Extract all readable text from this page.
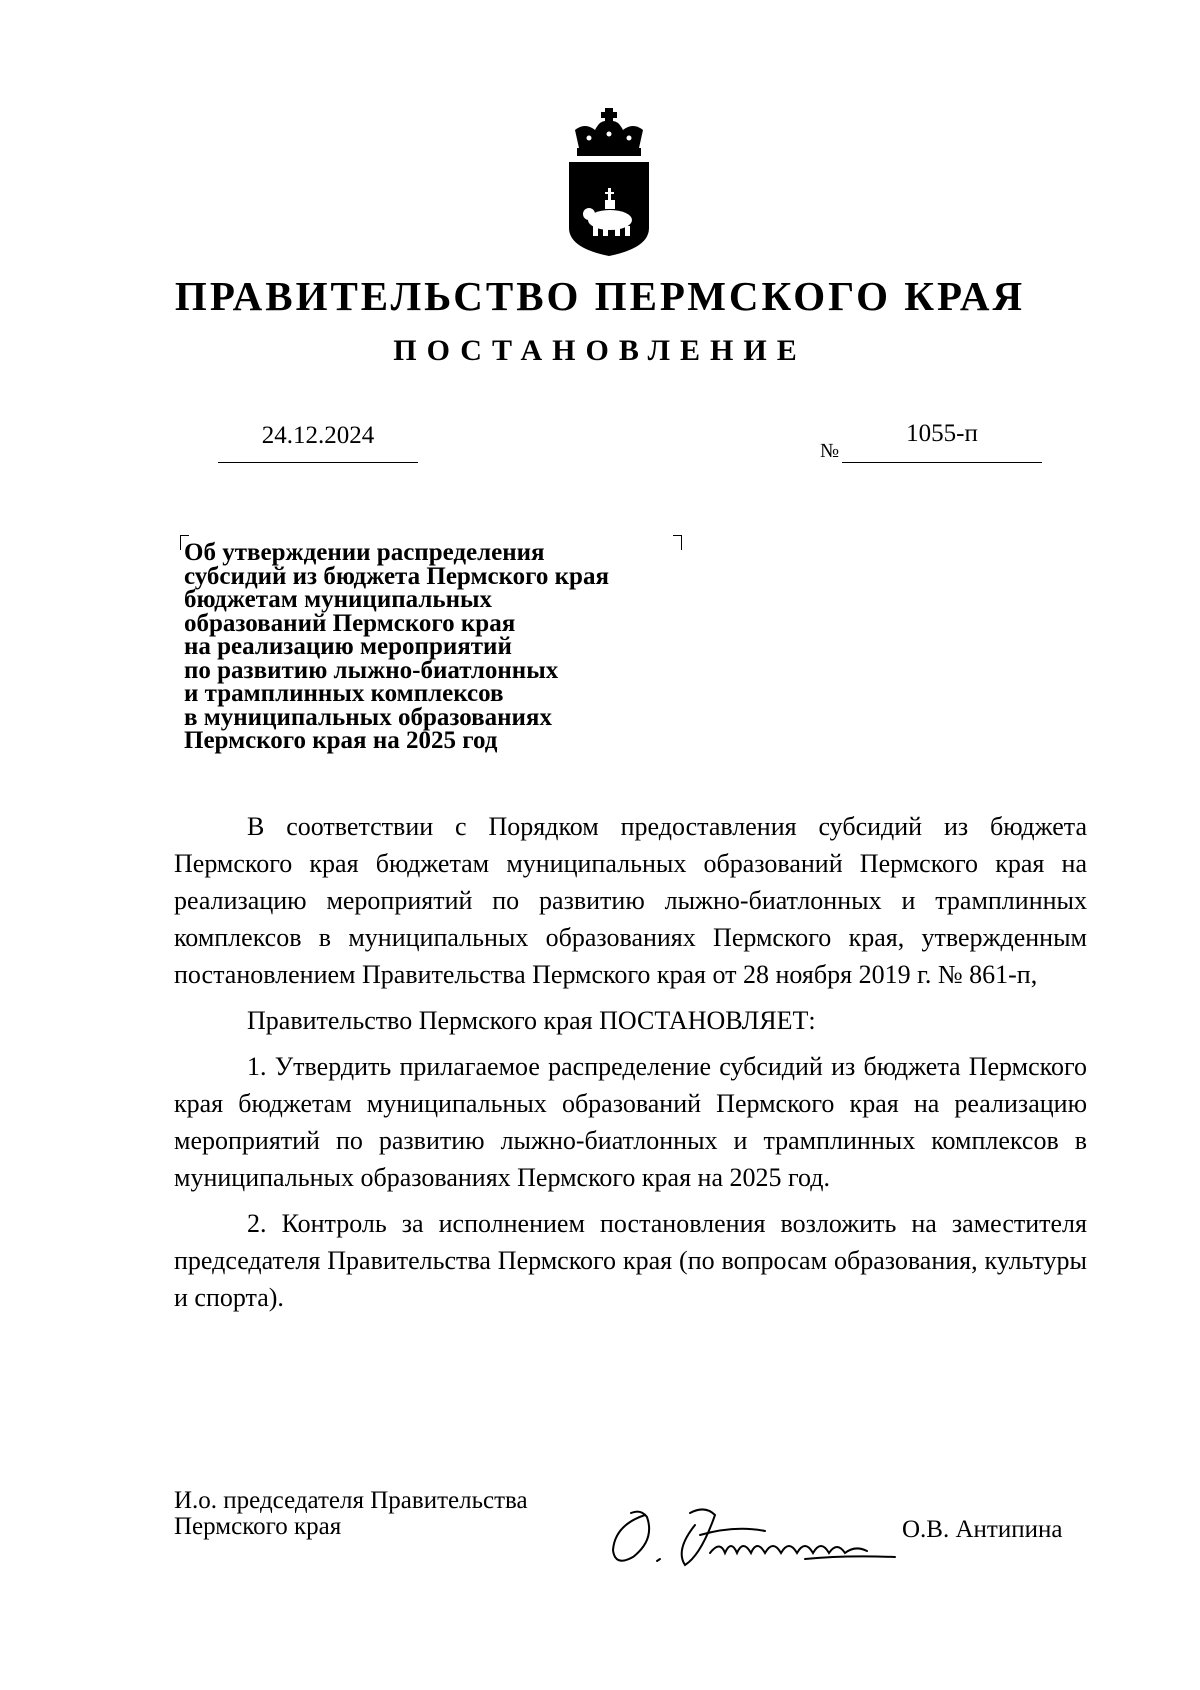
ПРАВИТЕЛЬСТВО ПЕРМСКОГО КРАЯ
ПОСТАНОВЛЕНИЕ
24.12.2024
№
1055-п
Об утверждении распределения
субсидий из бюджета Пермского края
бюджетам муниципальных
образований Пермского края
на реализацию мероприятий
по развитию лыжно-биатлонных
и трамплинных комплексов
в муниципальных образованиях
Пермского края на 2025 год

В соответствии с Порядком предоставления субсидий из бюджета Пермского края бюджетам муниципальных образований Пермского края на реализацию мероприятий по развитию лыжно-биатлонных и трамплинных комплексов в муниципальных образованиях Пермского края, утвержденным постановлением Правительства Пермского края от 28 ноября 2019 г. № 861-п,

Правительство Пермского края ПОСТАНОВЛЯЕТ:

1. Утвердить прилагаемое распределение субсидий из бюджета Пермского края бюджетам муниципальных образований Пермского края на реализацию мероприятий по развитию лыжно-биатлонных и трамплинных комплексов в муниципальных образованиях Пермского края на 2025 год.

2. Контроль за исполнением постановления возложить на заместителя председателя Правительства Пермского края (по вопросам образования, культуры и спорта).

И.о. председателя Правительства
Пермского края	О.В. Антипина
